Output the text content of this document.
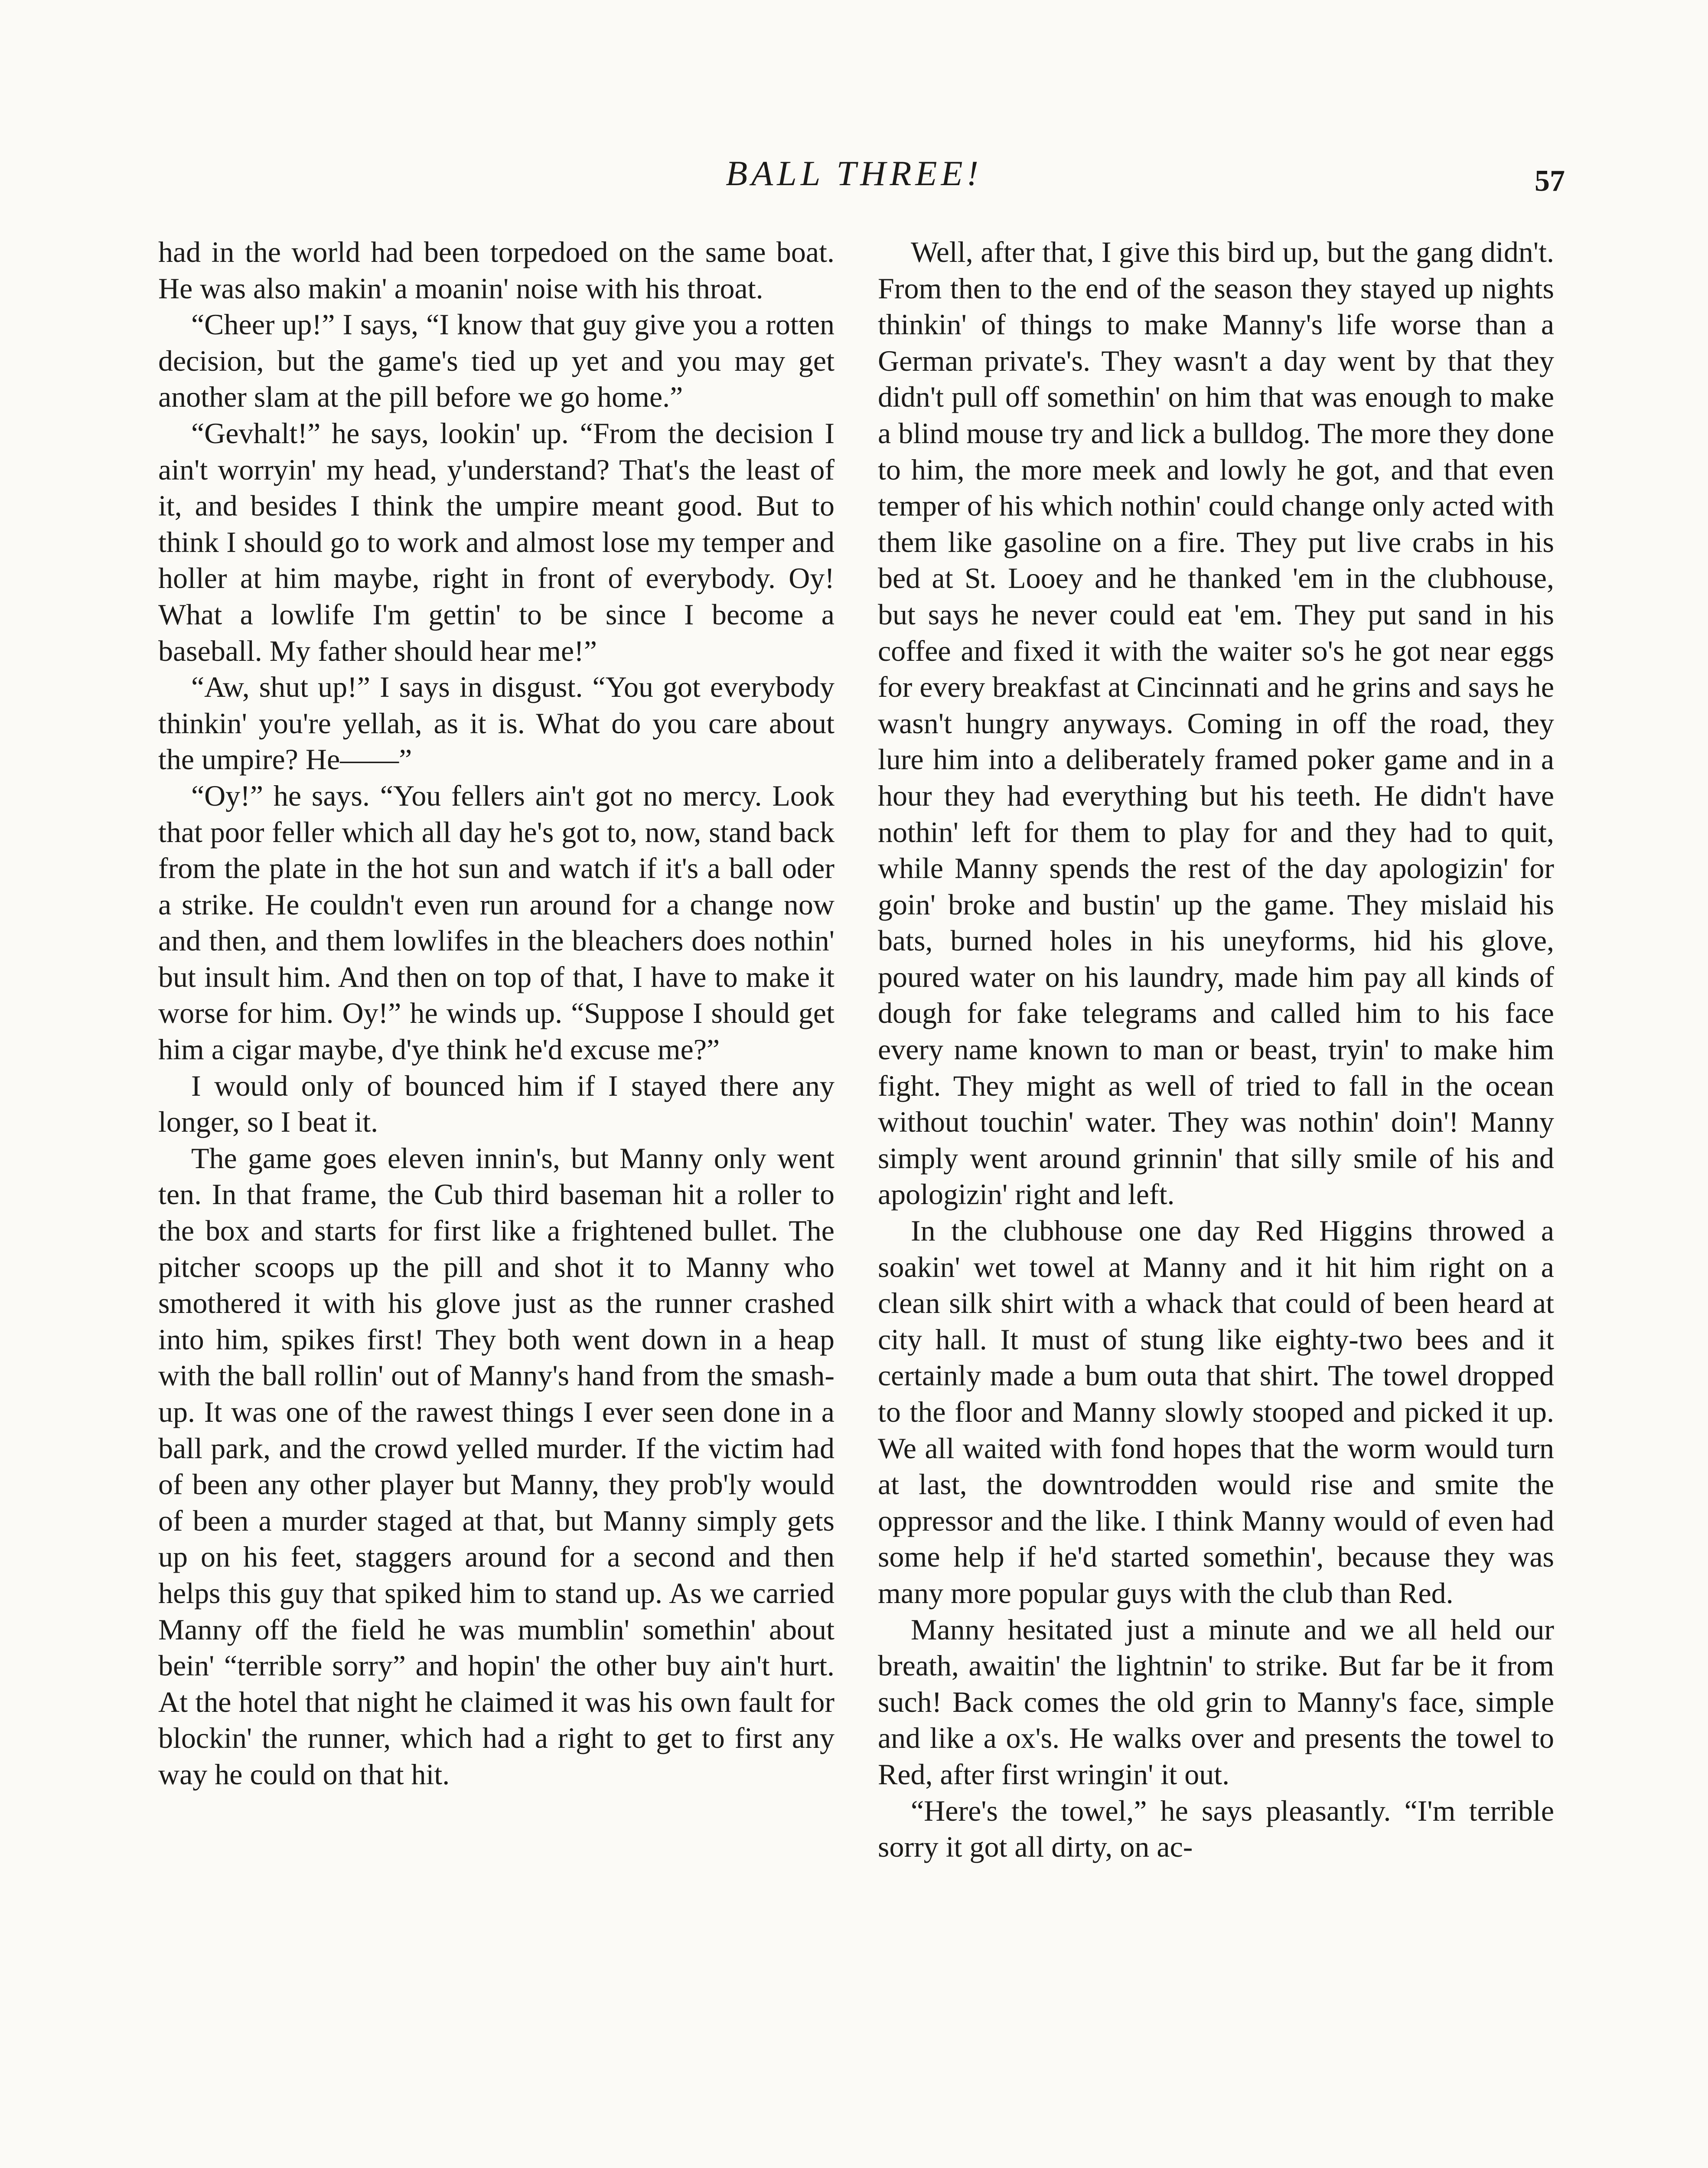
BALL THREE!	57

had in the world had been torpedoed on the same boat. He was also makin' a moanin' noise with his throat.

“Cheer up!” I says, “I know that guy give you a rotten decision, but the game's tied up yet and you may get another slam at the pill before we go home.”

“Gevhalt!” he says, lookin' up. “From the decision I ain't worryin' my head, y'understand? That's the least of it, and besides I think the umpire meant good. But to think I should go to work and almost lose my temper and holler at him maybe, right in front of everybody. Oy! What a lowlife I'm gettin' to be since I become a baseball. My father should hear me!”

“Aw, shut up!” I says in disgust. “You got everybody thinkin' you're yellah, as it is. What do you care about the umpire? He——”

“Oy!” he says. “You fellers ain't got no mercy. Look that poor feller which all day he's got to, now, stand back from the plate in the hot sun and watch if it's a ball oder a strike. He couldn't even run around for a change now and then, and them lowlifes in the bleachers does nothin' but insult him. And then on top of that, I have to make it worse for him. Oy!” he winds up. “Suppose I should get him a cigar maybe, d'ye think he'd excuse me?”

I would only of bounced him if I stayed there any longer, so I beat it.

The game goes eleven innin's, but Manny only went ten. In that frame, the Cub third baseman hit a roller to the box and starts for first like a frightened bullet. The pitcher scoops up the pill and shot it to Manny who smothered it with his glove just as the runner crashed into him, spikes first! They both went down in a heap with the ball rollin' out of Manny's hand from the smash-up. It was one of the rawest things I ever seen done in a ball park, and the crowd yelled murder. If the victim had of been any other player but Manny, they prob'ly would of been a murder staged at that, but Manny simply gets up on his feet, staggers around for a second and then helps this guy that spiked him to stand up. As we carried Manny off the field he was mumblin' somethin' about bein' “terrible sorry” and hopin' the other buy ain't hurt. At the hotel that night he claimed it was his own fault for blockin' the runner, which had a right to get to first any way he could on that hit.

Well, after that, I give this bird up, but the gang didn't. From then to the end of the season they stayed up nights thinkin' of things to make Manny's life worse than a German private's. They wasn't a day went by that they didn't pull off somethin' on him that was enough to make a blind mouse try and lick a bulldog. The more they done to him, the more meek and lowly he got, and that even temper of his which nothin' could change only acted with them like gasoline on a fire. They put live crabs in his bed at St. Looey and he thanked 'em in the clubhouse, but says he never could eat 'em. They put sand in his coffee and fixed it with the waiter so's he got near eggs for every breakfast at Cincinnati and he grins and says he wasn't hungry anyways. Coming in off the road, they lure him into a deliberately framed poker game and in a hour they had everything but his teeth. He didn't have nothin' left for them to play for and they had to quit, while Manny spends the rest of the day apologizin' for goin' broke and bustin' up the game. They mislaid his bats, burned holes in his uneyforms, hid his glove, poured water on his laundry, made him pay all kinds of dough for fake telegrams and called him to his face every name known to man or beast, tryin' to make him fight. They might as well of tried to fall in the ocean without touchin' water. They was nothin' doin'! Manny simply went around grinnin' that silly smile of his and apologizin' right and left.

In the clubhouse one day Red Higgins throwed a soakin' wet towel at Manny and it hit him right on a clean silk shirt with a whack that could of been heard at city hall. It must of stung like eighty-two bees and it certainly made a bum outa that shirt. The towel dropped to the floor and Manny slowly stooped and picked it up. We all waited with fond hopes that the worm would turn at last, the downtrodden would rise and smite the oppressor and the like. I think Manny would of even had some help if he'd started somethin', because they was many more popular guys with the club than Red.

Manny hesitated just a minute and we all held our breath, awaitin' the lightnin' to strike. But far be it from such! Back comes the old grin to Manny's face, simple and like a ox's. He walks over and presents the towel to Red, after first wringin' it out.

“Here's the towel,” he says pleasantly. “I'm terrible sorry it got all dirty, on ac-
